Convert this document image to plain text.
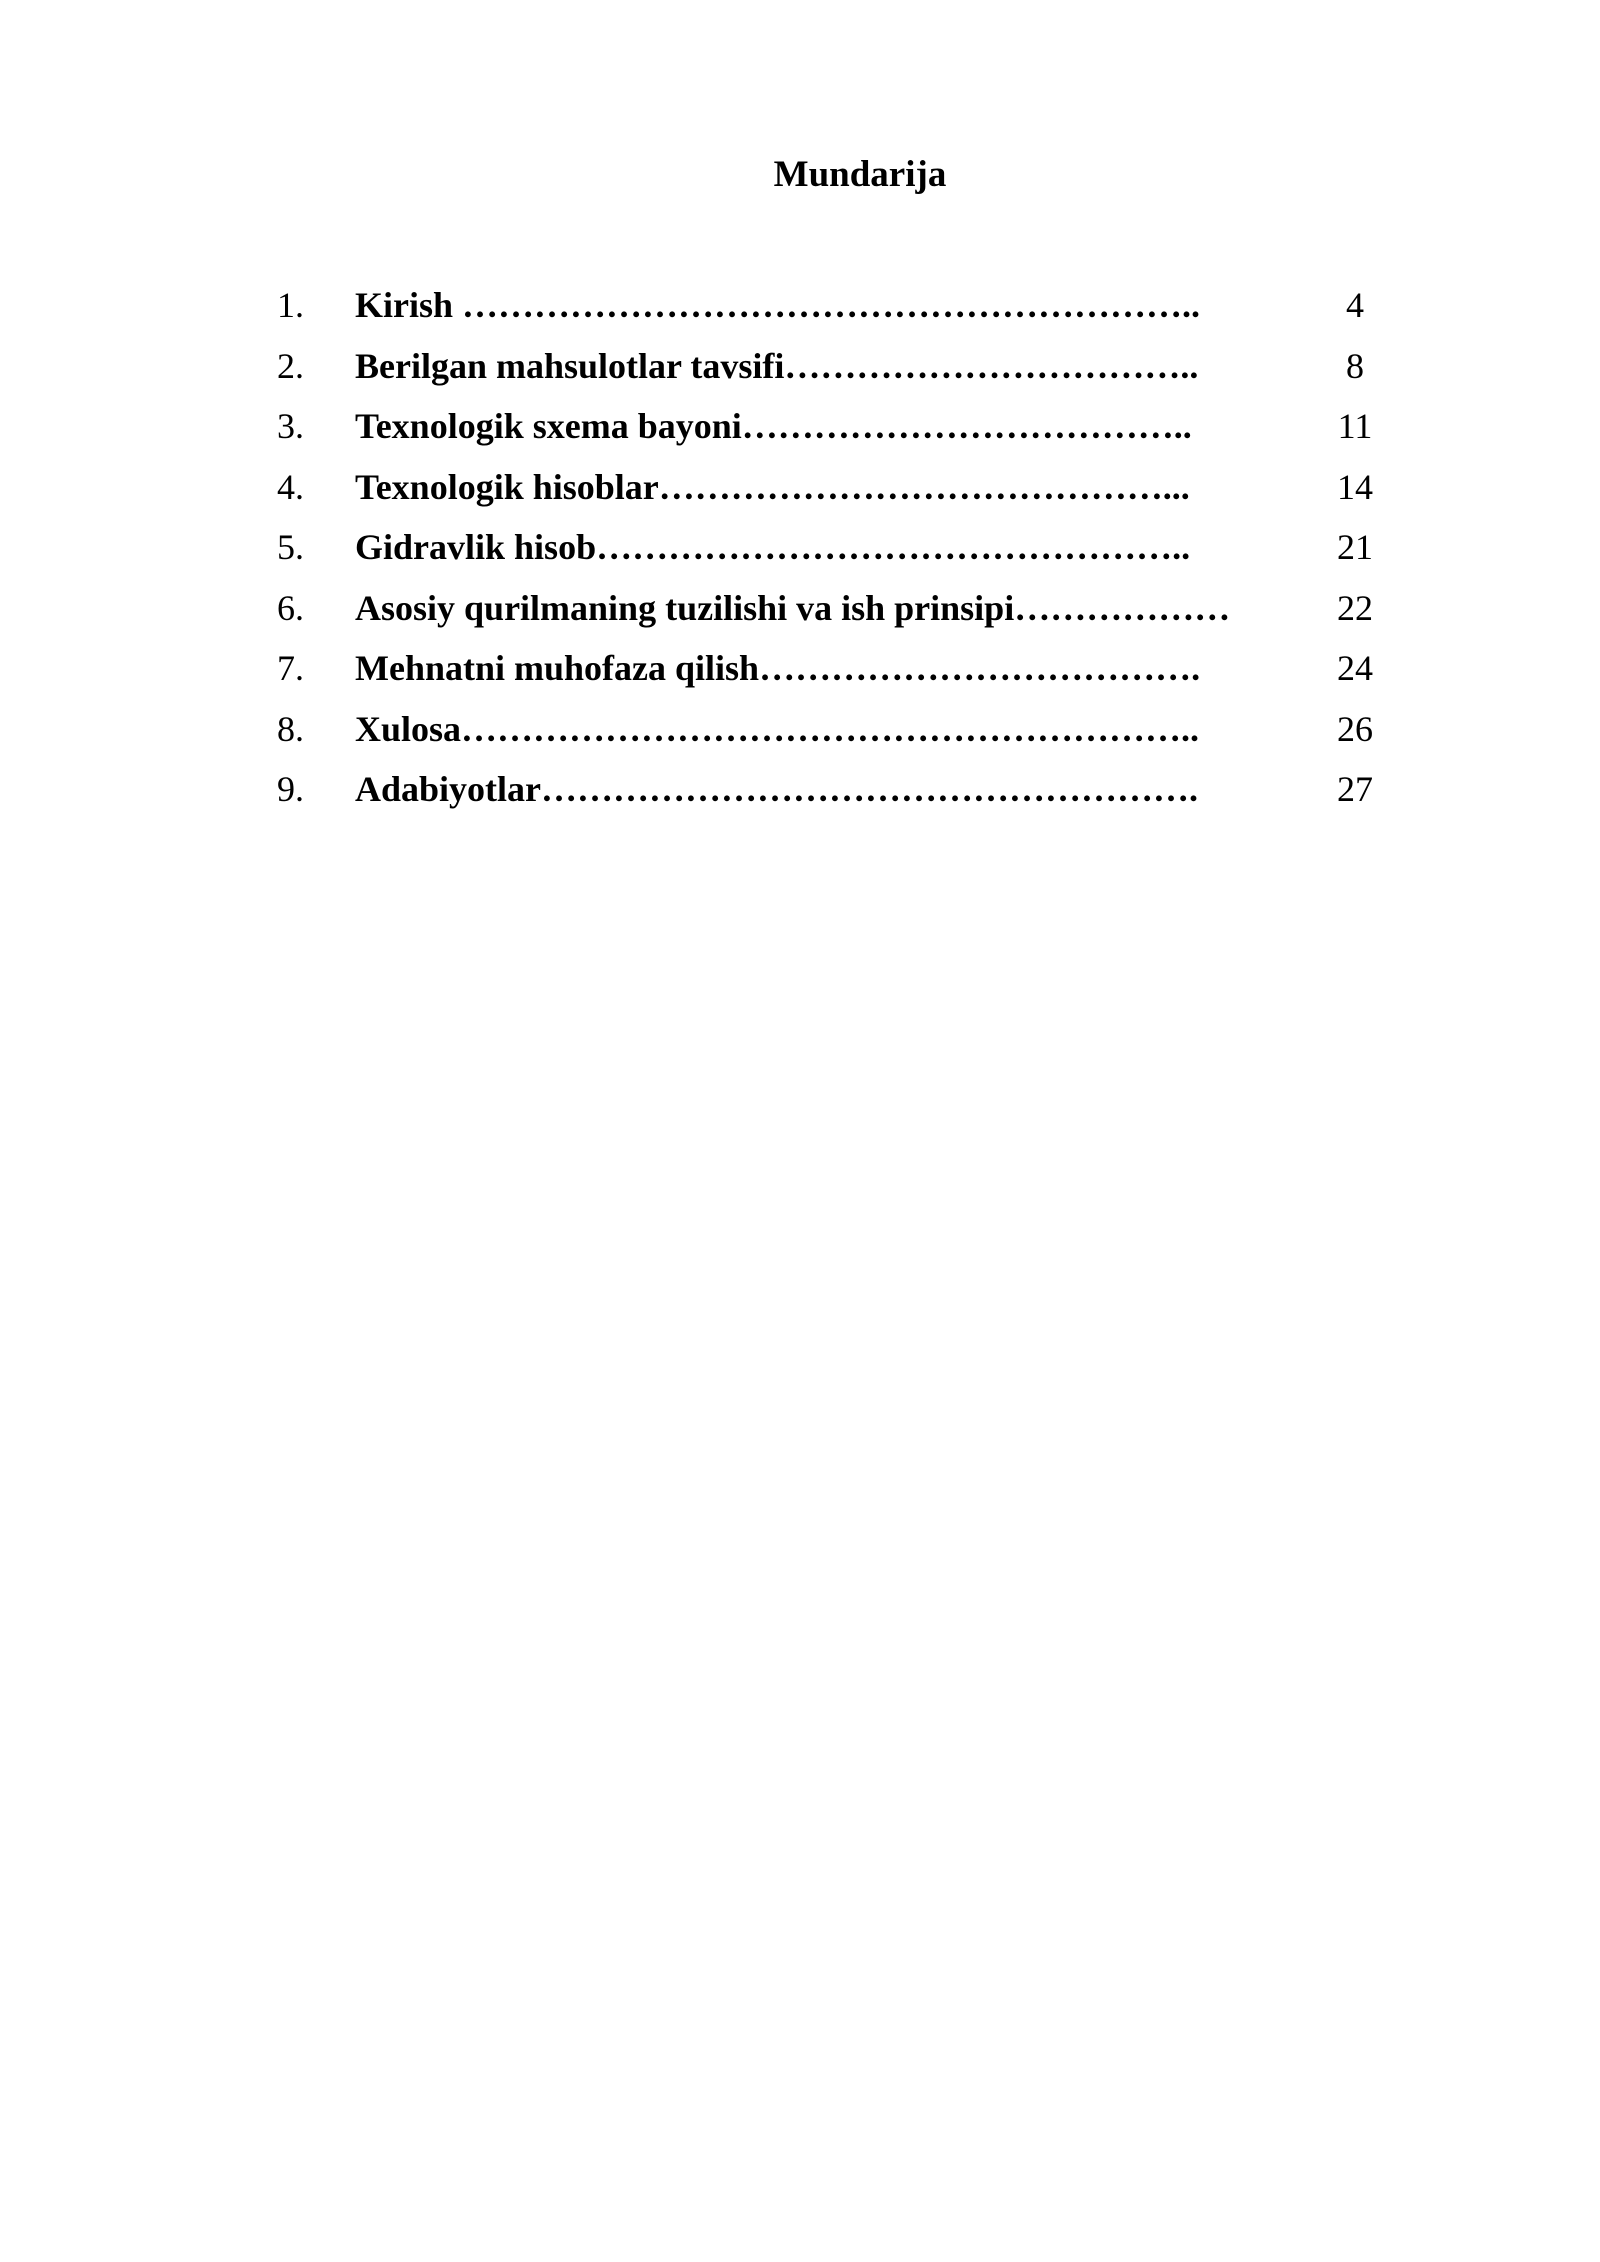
Mundarija
1. Kirish ……………………………………………………..	4
2. Berilgan mahsulotlar tavsifi……………………………..	8
3. Texnologik sxema bayoni………………………………..	11
4. Texnologik hisoblar……………………………………...	14
5. Gidravlik hisob…………………………………………..	21
6. Asosiy qurilmaning tuzilishi va ish prinsipi………………	22
7. Mehnatni muhofaza qilish……………………………….	24
8. Xulosa……………………………………………………..	26
9. Adabiyotlar……………………………………………….	27
